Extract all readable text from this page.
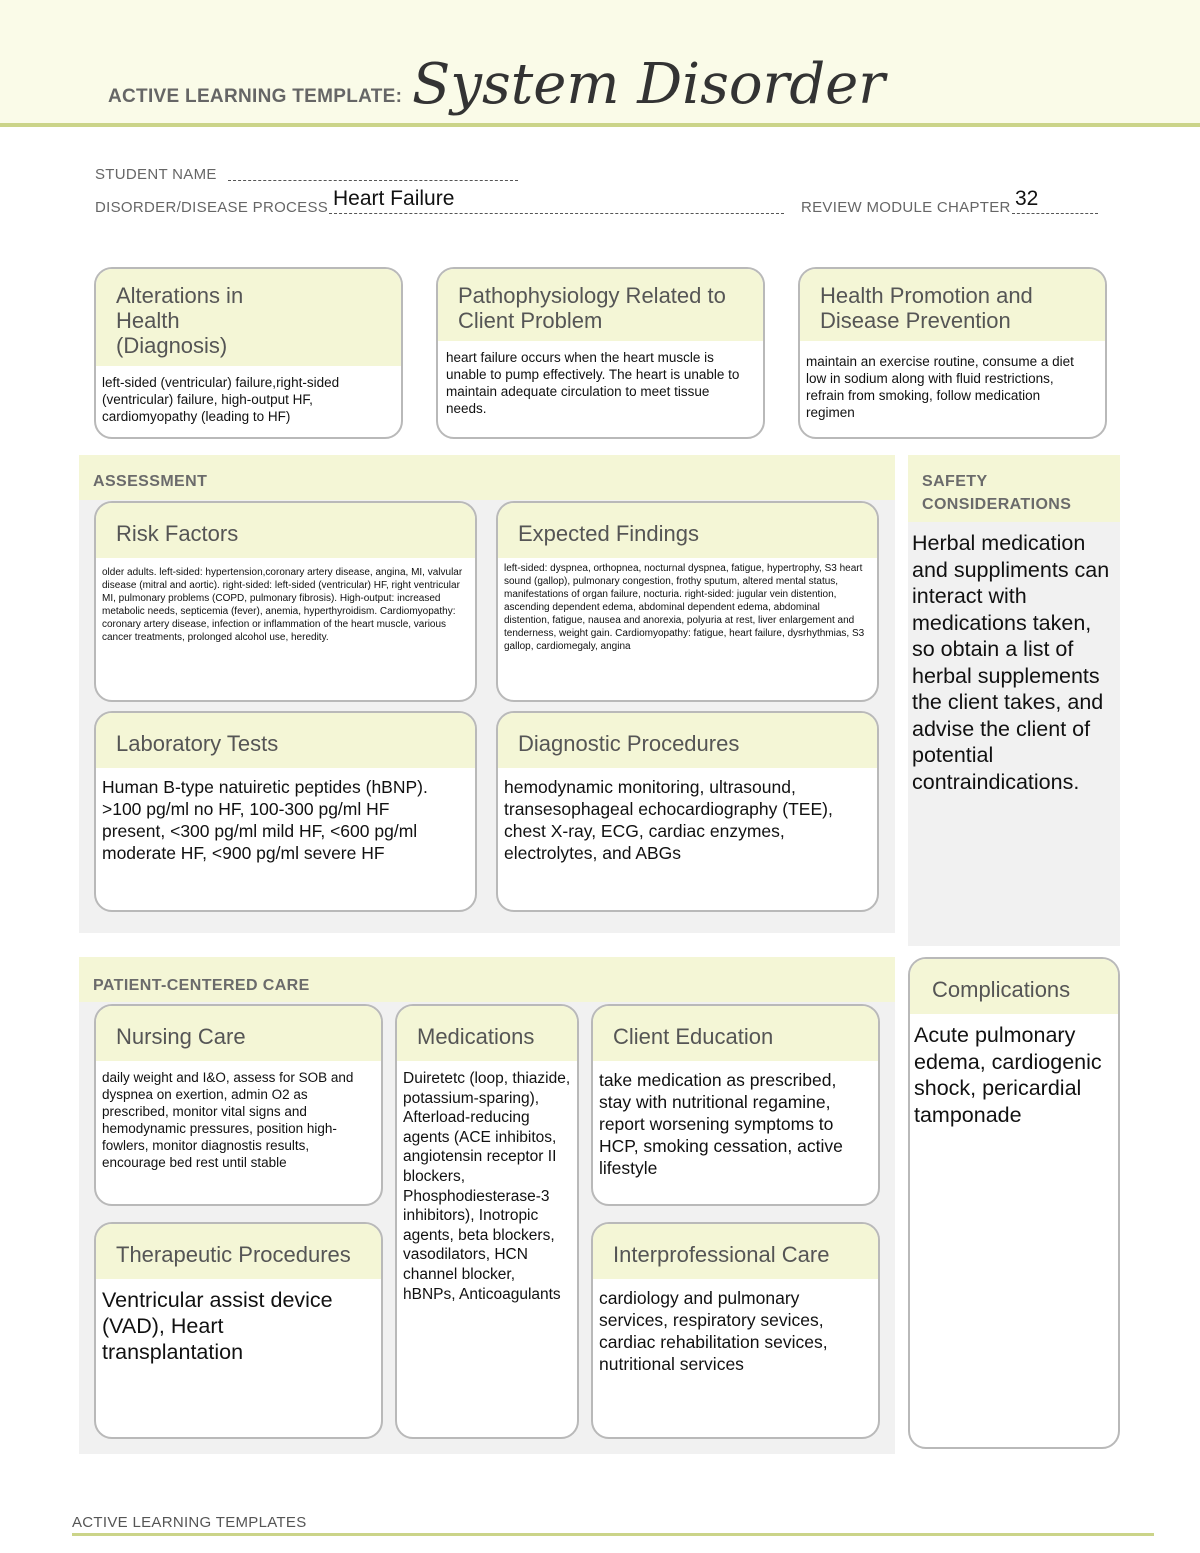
ACTIVE LEARNING TEMPLATE: System Disorder
STUDENT NAME
DISORDER/DISEASE PROCESS Heart Failure	REVIEW MODULE CHAPTER 32
Alterations in Health (Diagnosis)
left-sided (ventricular) failure,right-sided (ventricular) failure, high-output HF, cardiomyopathy (leading to HF)
Pathophysiology Related to Client Problem
heart failure occurs when the heart muscle is unable to pump effectively. The heart is unable to maintain adequate circulation to meet tissue needs.
Health Promotion and Disease Prevention
maintain an exercise routine, consume a diet low in sodium along with fluid restrictions, refrain from smoking, follow medication regimen
ASSESSMENT
Risk Factors
older adults. left-sided: hypertension,coronary artery disease, angina, MI, valvular disease (mitral and aortic). right-sided: left-sided (ventricular) HF, right ventricular MI, pulmonary problems (COPD, pulmonary fibrosis). High-output: increased metabolic needs, septicemia (fever), anemia, hyperthyroidism. Cardiomyopathy: coronary artery disease, infection or inflammation of the heart muscle, various cancer treatments, prolonged alcohol use, heredity.
Expected Findings
left-sided: dyspnea, orthopnea, nocturnal dyspnea, fatigue, hypertrophy, S3 heart sound (gallop), pulmonary congestion, frothy sputum, altered mental status, manifestations of organ failure, nocturia. right-sided: jugular vein distention, ascending dependent edema, abdominal dependent edema, abdominal distention, fatigue, nausea and anorexia, polyuria at rest, liver enlargement and tenderness, weight gain. Cardiomyopathy: fatigue, heart failure, dysrhythmias, S3 gallop, cardiomegaly, angina
Laboratory Tests
Human B-type natuiretic peptides (hBNP). >100 pg/ml no HF, 100-300 pg/ml HF present, <300 pg/ml mild HF, <600 pg/ml moderate HF, <900 pg/ml severe HF
Diagnostic Procedures
hemodynamic monitoring, ultrasound, transesophageal echocardiography (TEE), chest X-ray, ECG, cardiac enzymes, electrolytes, and ABGs
SAFETY CONSIDERATIONS
Herbal medication and suppliments can interact with medications taken, so obtain a list of herbal supplements the client takes, and advise the client of potential contraindications.
PATIENT-CENTERED CARE
Nursing Care
daily weight and I&O, assess for SOB and dyspnea on exertion, admin O2 as prescribed, monitor vital signs and hemodynamic pressures, position high-fowlers, monitor diagnostis results, encourage bed rest until stable
Medications
Duiretetc (loop, thiazide, potassium-sparing), Afterload-reducing agents (ACE inhibitos, angiotensin receptor II blockers, Phosphodiesterase-3 inhibitors), Inotropic agents, beta blockers, vasodilators, HCN channel blocker, hBNPs, Anticoagulants
Client Education
take medication as prescribed, stay with nutritional regamine, report worsening symptoms to HCP, smoking cessation, active lifestyle
Therapeutic Procedures
Ventricular assist device (VAD), Heart transplantation
Interprofessional Care
cardiology and pulmonary services, respiratory sevices, cardiac rehabilitation sevices, nutritional services
Complications
Acute pulmonary edema, cardiogenic shock, pericardial tamponade
ACTIVE LEARNING TEMPLATES
